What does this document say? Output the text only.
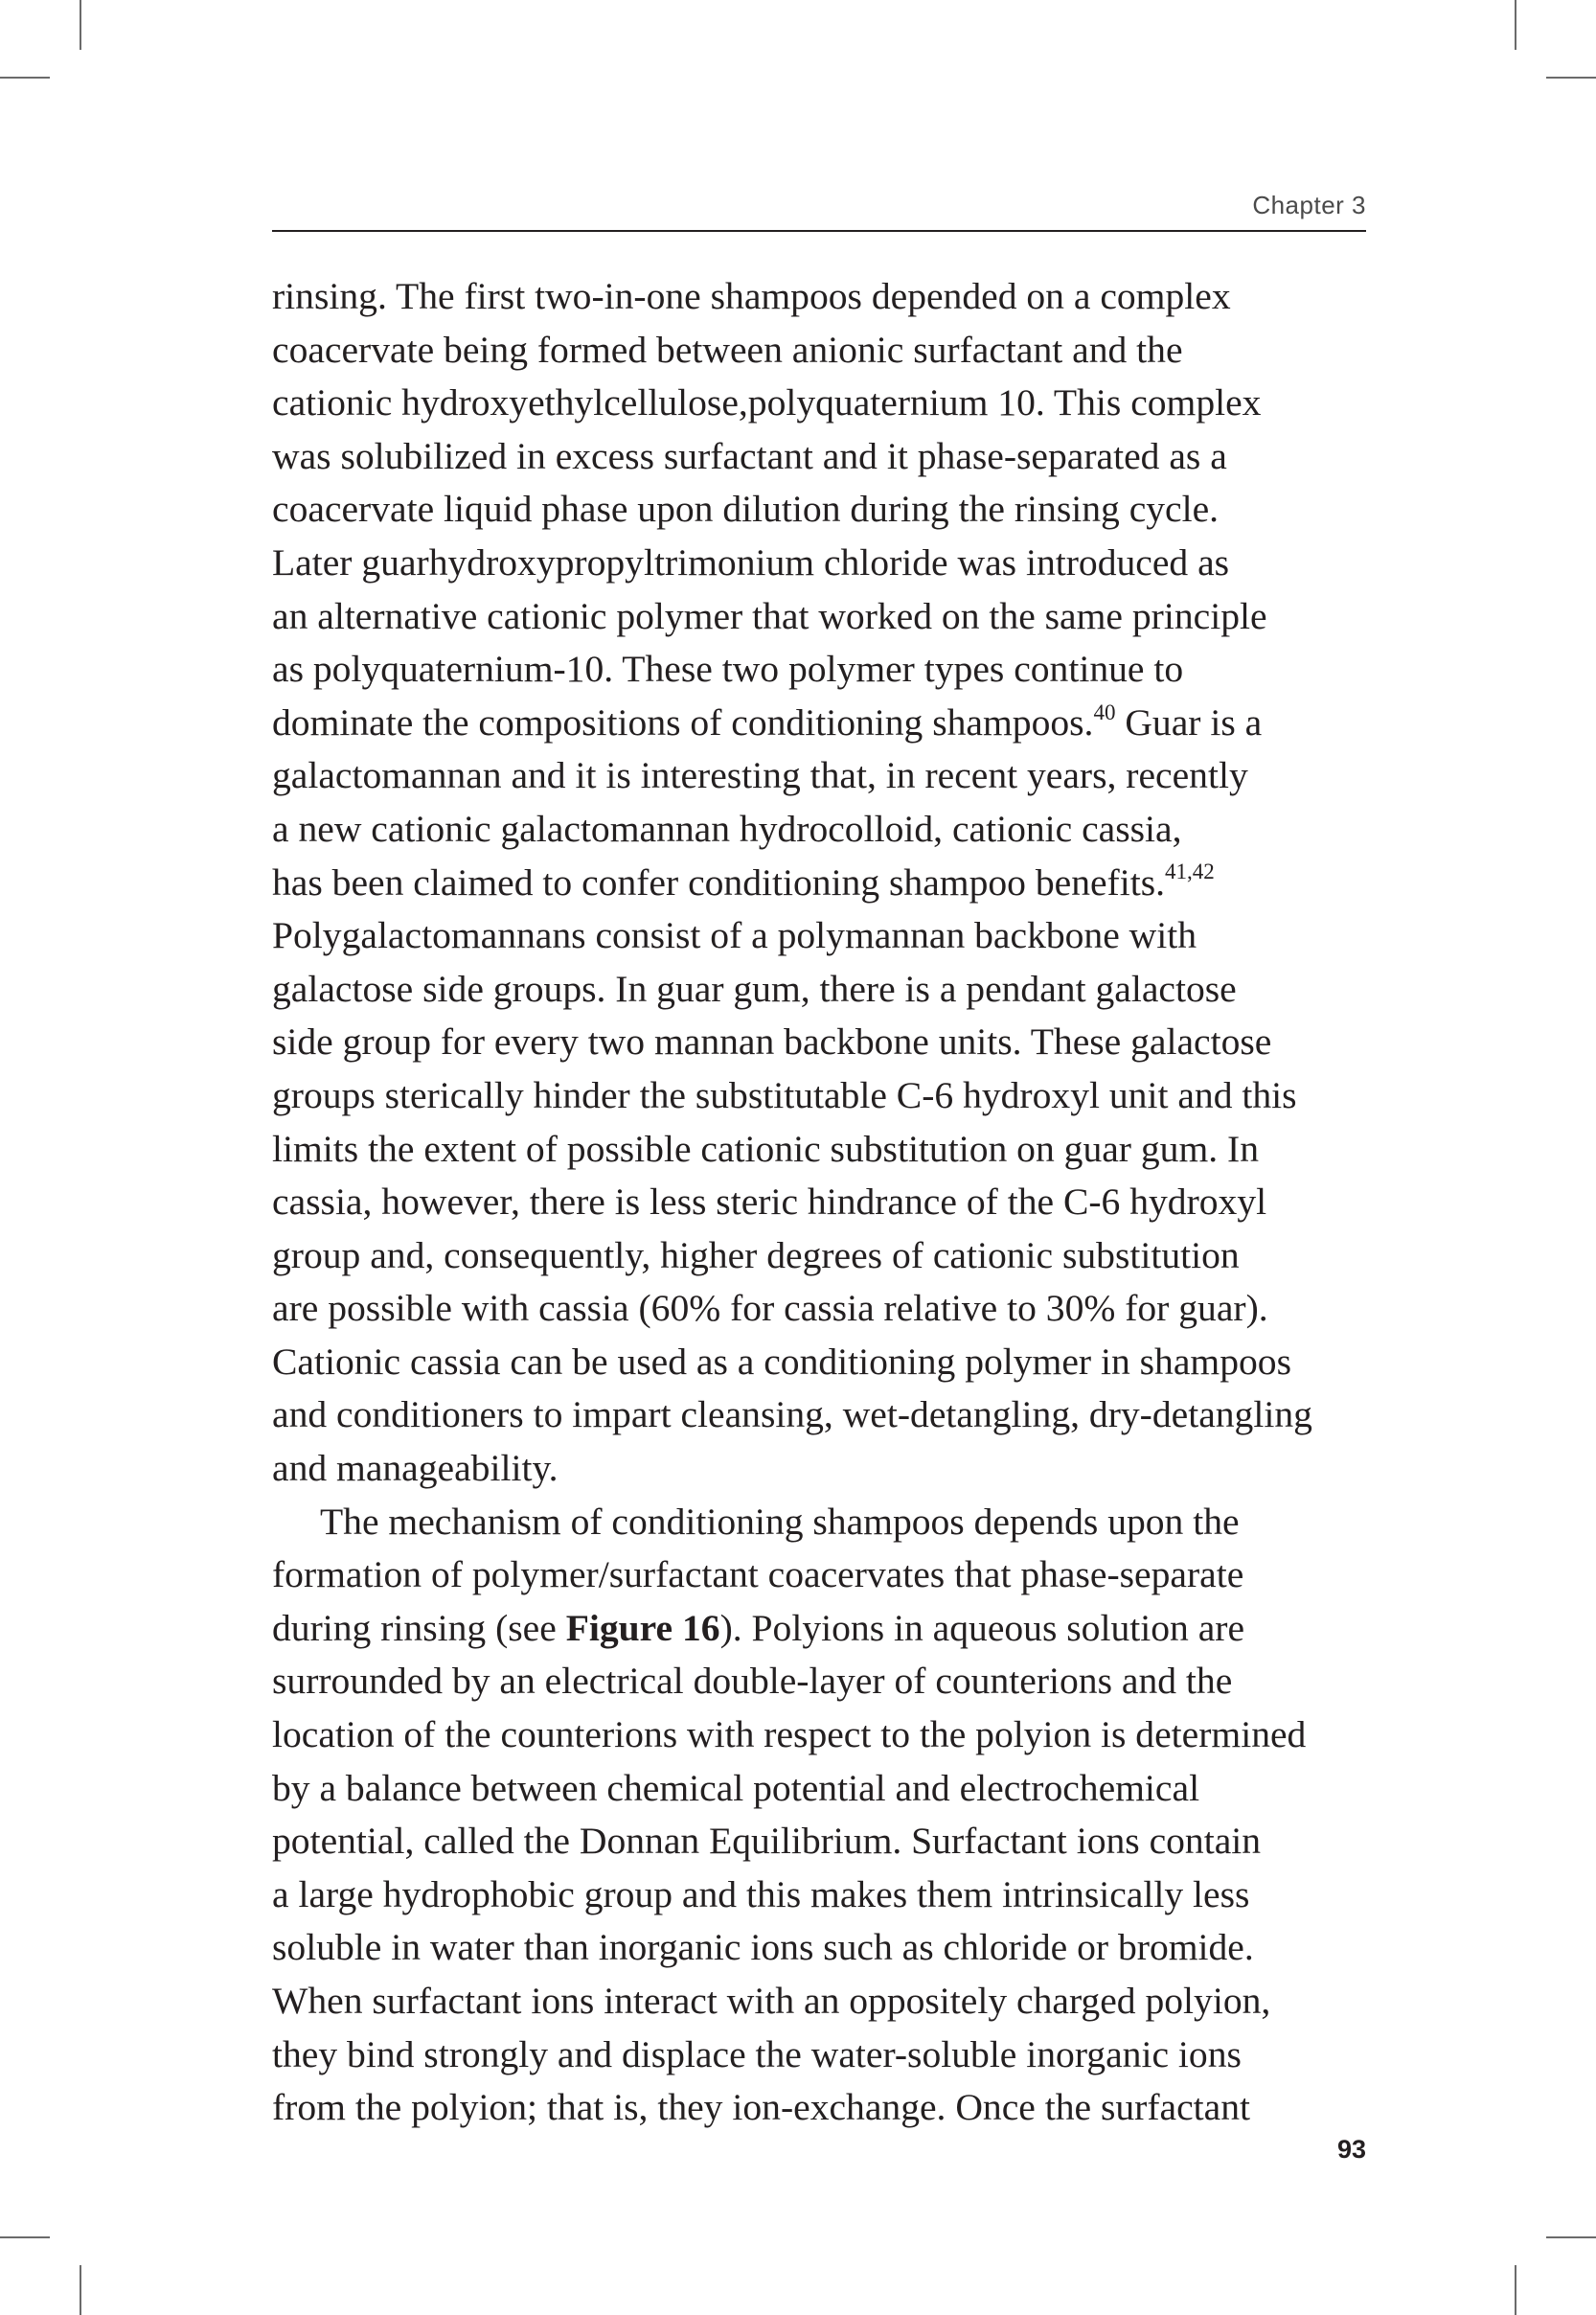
Chapter 3
rinsing. The first two-in-one shampoos depended on a complex
coacervate being formed between anionic surfactant and the
cationic hydroxyethylcellulose,polyquaternium 10. This complex
was solubilized in excess surfactant and it phase-separated as a
coacervate liquid phase upon dilution during the rinsing cycle.
Later guarhydroxypropyltrimonium chloride was introduced as
an alternative cationic polymer that worked on the same principle
as polyquaternium-10. These two polymer types continue to
dominate the compositions of conditioning shampoos.$^{40}$ Guar is a
galactomannan and it is interesting that, in recent years, recently
a new cationic galactomannan hydrocolloid, cationic cassia,
has been claimed to confer conditioning shampoo benefits.$^{41,42}$
Polygalactomannans consist of a polymannan backbone with
galactose side groups. In guar gum, there is a pendant galactose
side group for every two mannan backbone units. These galactose
groups sterically hinder the substitutable C-6 hydroxyl unit and this
limits the extent of possible cationic substitution on guar gum. In
cassia, however, there is less steric hindrance of the C-6 hydroxyl
group and, consequently, higher degrees of cationic substitution
are possible with cassia (60% for cassia relative to 30% for guar).
Cationic cassia can be used as a conditioning polymer in shampoos
and conditioners to impart cleansing, wet-detangling, dry-detangling
and manageability.
The mechanism of conditioning shampoos depends upon the
formation of polymer/surfactant coacervates that phase-separate
during rinsing (see Figure 16). Polyions in aqueous solution are
surrounded by an electrical double-layer of counterions and the
location of the counterions with respect to the polyion is determined
by a balance between chemical potential and electrochemical
potential, called the Donnan Equilibrium. Surfactant ions contain
a large hydrophobic group and this makes them intrinsically less
soluble in water than inorganic ions such as chloride or bromide.
When surfactant ions interact with an oppositely charged polyion,
they bind strongly and displace the water-soluble inorganic ions
from the polyion; that is, they ion-exchange. Once the surfactant
93
